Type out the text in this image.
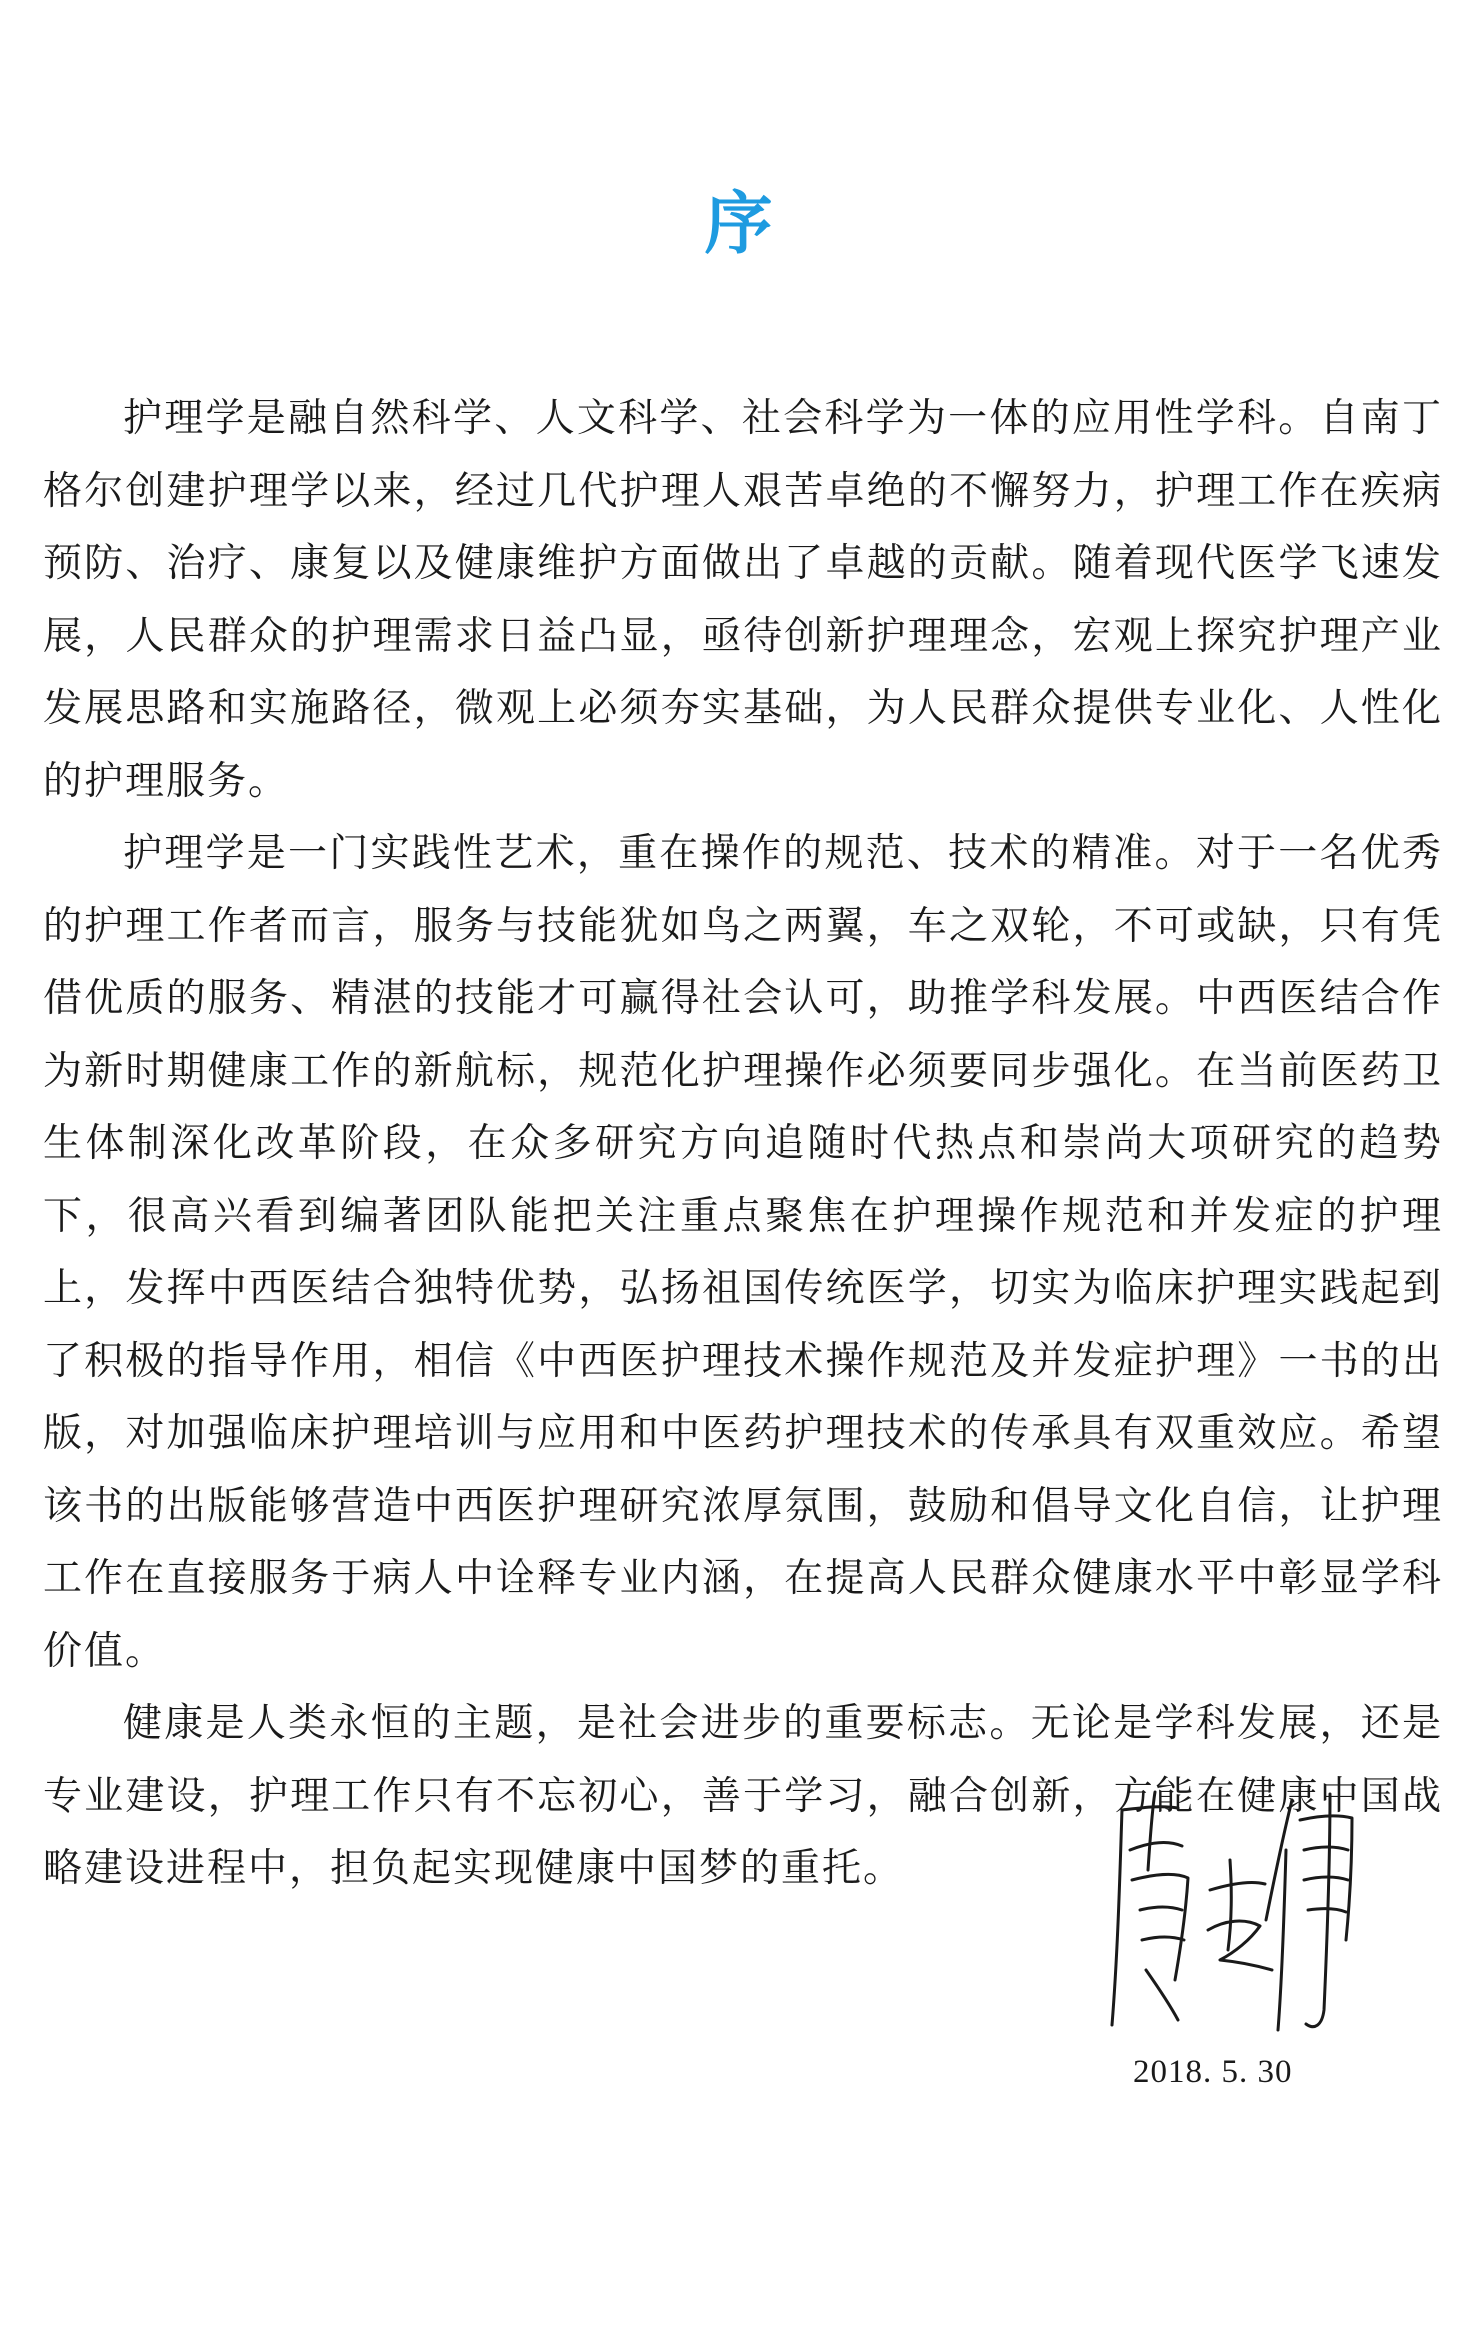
序

护理学是融自然科学、人文科学、社会科学为一体的应用性学科。自南丁格尔创建护理学以来，经过几代护理人艰苦卓绝的不懈努力，护理工作在疾病预防、治疗、康复以及健康维护方面做出了卓越的贡献。随着现代医学飞速发展，人民群众的护理需求日益凸显，亟待创新护理理念，宏观上探究护理产业发展思路和实施路径，微观上必须夯实基础，为人民群众提供专业化、人性化的护理服务。

护理学是一门实践性艺术，重在操作的规范、技术的精准。对于一名优秀的护理工作者而言，服务与技能犹如鸟之两翼，车之双轮，不可或缺，只有凭借优质的服务、精湛的技能才可赢得社会认可，助推学科发展。中西医结合作为新时期健康工作的新航标，规范化护理操作必须要同步强化。在当前医药卫生体制深化改革阶段，在众多研究方向追随时代热点和崇尚大项研究的趋势下，很高兴看到编著团队能把关注重点聚焦在护理操作规范和并发症的护理上，发挥中西医结合独特优势，弘扬祖国传统医学，切实为临床护理实践起到了积极的指导作用，相信《中西医护理技术操作规范及并发症护理》一书的出版，对加强临床护理培训与应用和中医药护理技术的传承具有双重效应。希望该书的出版能够营造中西医护理研究浓厚氛围，鼓励和倡导文化自信，让护理工作在直接服务于病人中诠释专业内涵，在提高人民群众健康水平中彰显学科价值。

健康是人类永恒的主题，是社会进步的重要标志。无论是学科发展，还是专业建设，护理工作只有不忘初心，善于学习，融合创新，方能在健康中国战略建设进程中，担负起实现健康中国梦的重托。

2018. 5. 30
